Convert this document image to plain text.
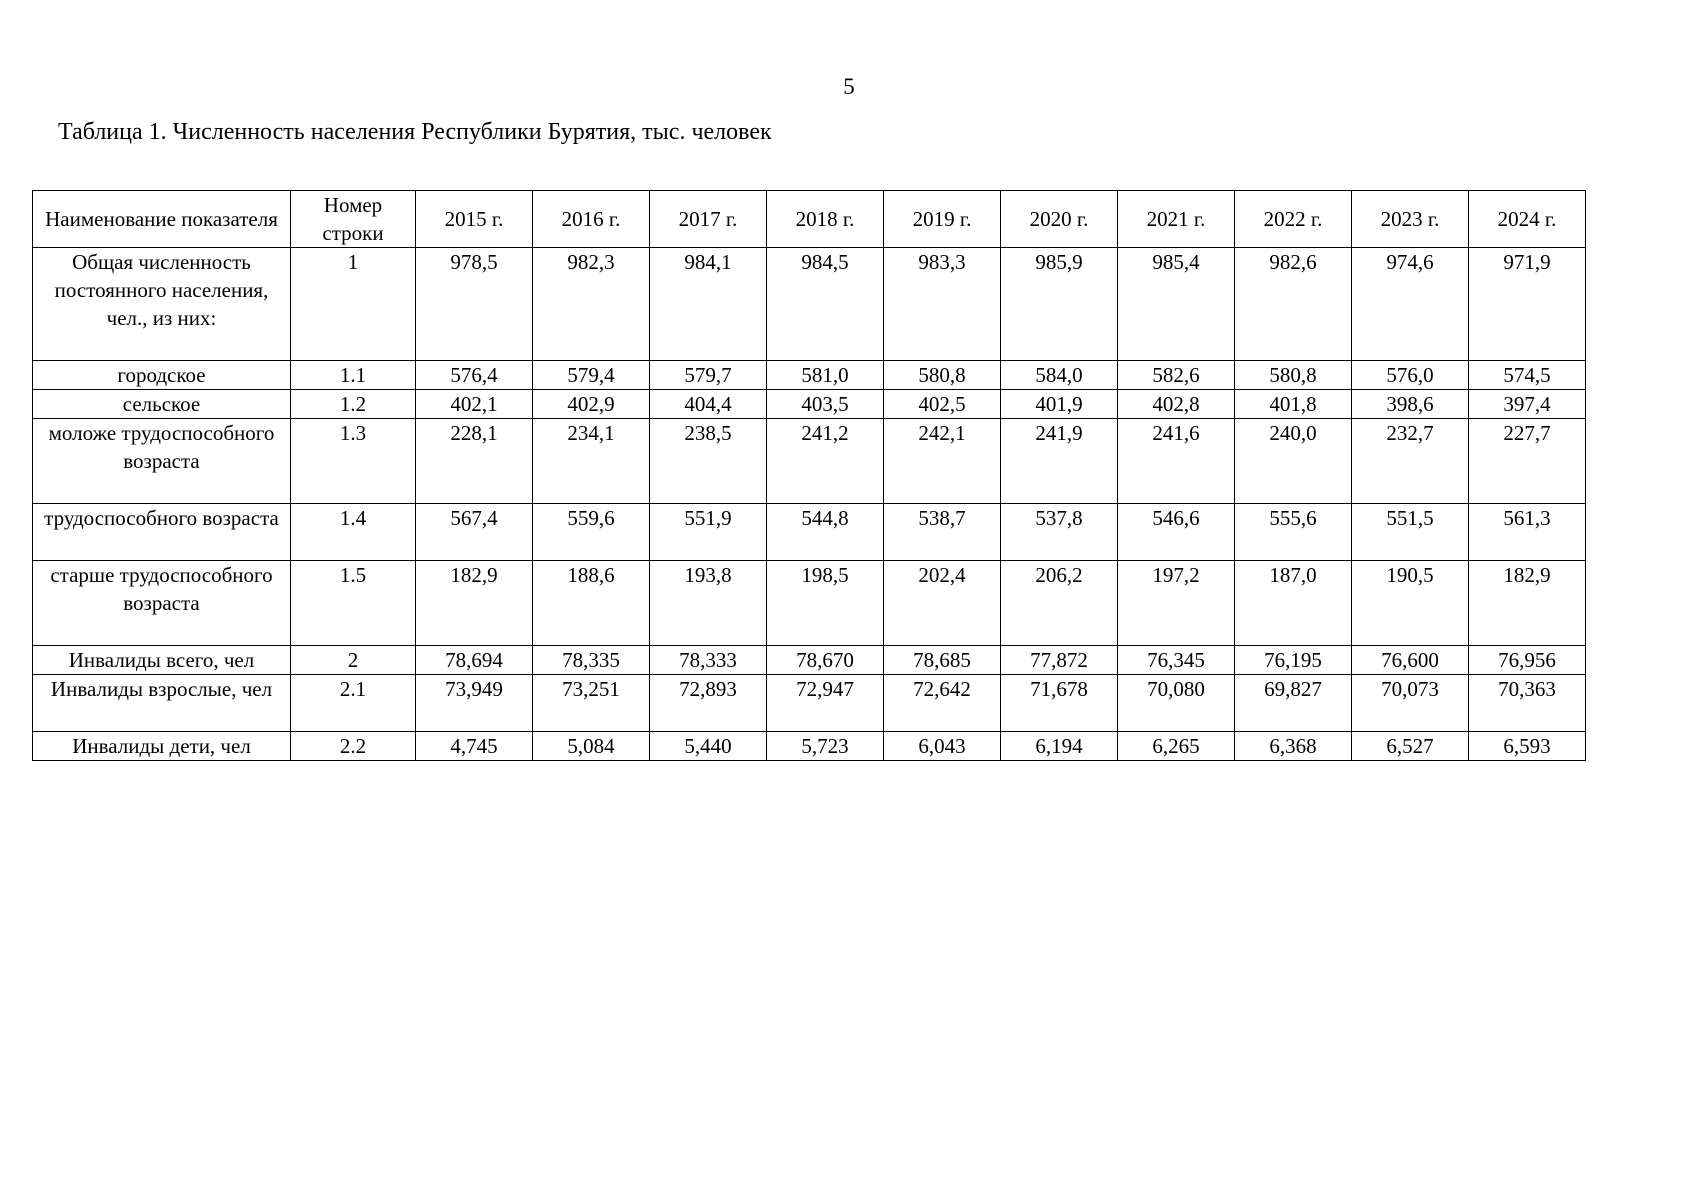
5
Таблица 1. Численность населения Республики Бурятия, тыс. человек
Наименование показателя	Номер строки	2015 г.	2016 г.	2017 г.	2018 г.	2019 г.	2020 г.	2021 г.	2022 г.	2023 г.	2024 г.
Общая численность постоянного населения, чел., из них:	1	978,5	982,3	984,1	984,5	983,3	985,9	985,4	982,6	974,6	971,9
городское	1.1	576,4	579,4	579,7	581,0	580,8	584,0	582,6	580,8	576,0	574,5
сельское	1.2	402,1	402,9	404,4	403,5	402,5	401,9	402,8	401,8	398,6	397,4
моложе трудоспособного возраста	1.3	228,1	234,1	238,5	241,2	242,1	241,9	241,6	240,0	232,7	227,7
трудоспособного возраста	1.4	567,4	559,6	551,9	544,8	538,7	537,8	546,6	555,6	551,5	561,3
старше трудоспособного возраста	1.5	182,9	188,6	193,8	198,5	202,4	206,2	197,2	187,0	190,5	182,9
Инвалиды всего, чел	2	78,694	78,335	78,333	78,670	78,685	77,872	76,345	76,195	76,600	76,956
Инвалиды взрослые, чел	2.1	73,949	73,251	72,893	72,947	72,642	71,678	70,080	69,827	70,073	70,363
Инвалиды дети, чел	2.2	4,745	5,084	5,440	5,723	6,043	6,194	6,265	6,368	6,527	6,593
